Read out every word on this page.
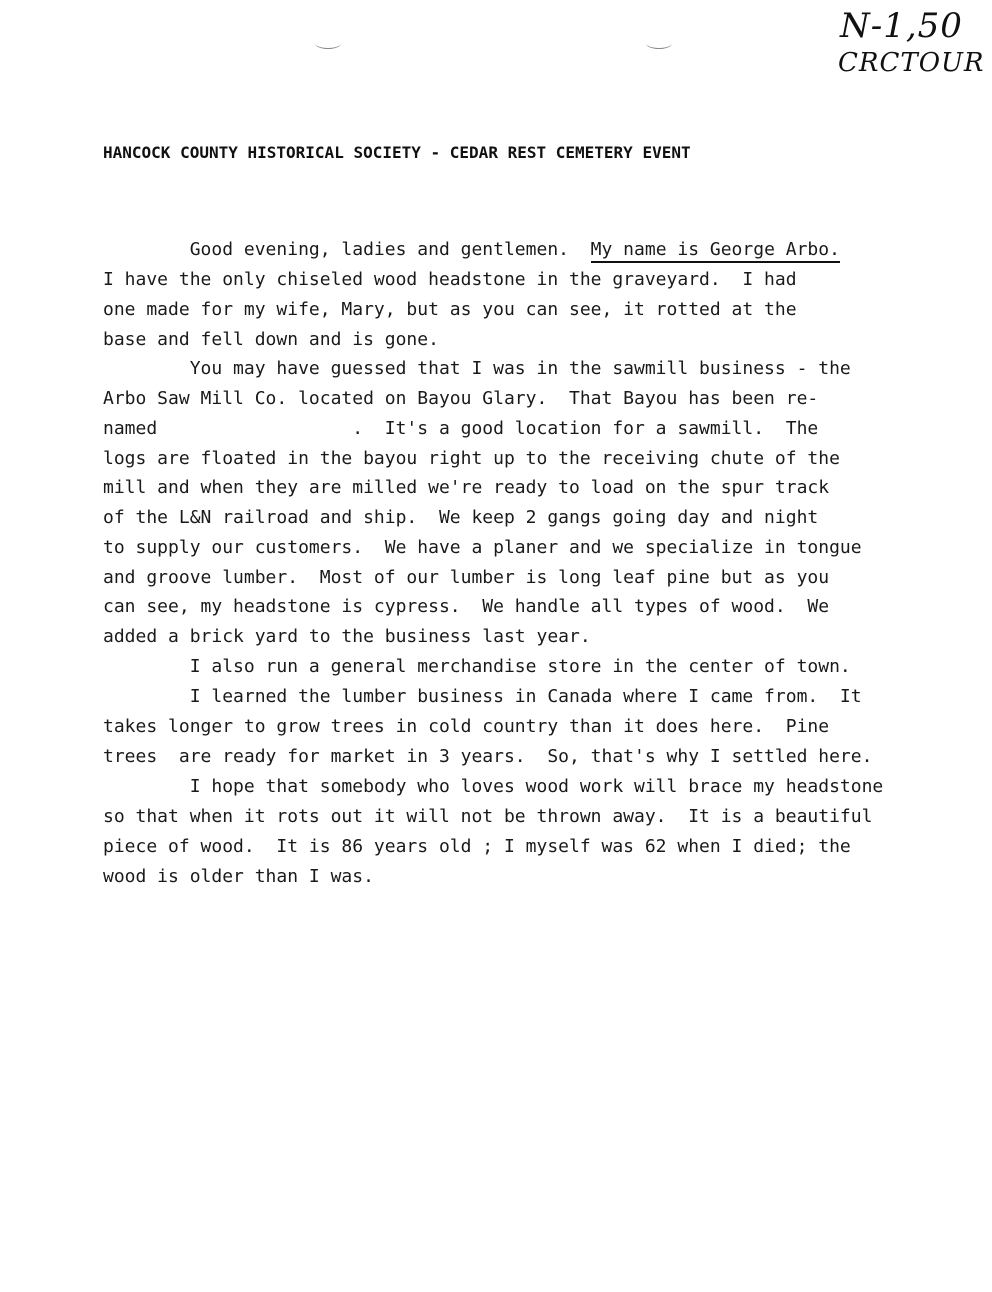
N-1,50
CRCTOUR
HANCOCK COUNTY HISTORICAL SOCIETY - CEDAR REST CEMETERY EVENT
Good evening, ladies and gentlemen.  My name is George Arbo.
I have the only chiseled wood headstone in the graveyard.  I had
one made for my wife, Mary, but as you can see, it rotted at the
base and fell down and is gone.
You may have guessed that I was in the sawmill business - the
Arbo Saw Mill Co. located on Bayou Glary.  That Bayou has been re-
named                  .  It's a good location for a sawmill.  The
logs are floated in the bayou right up to the receiving chute of the
mill and when they are milled we're ready to load on the spur track
of the L&N railroad and ship.  We keep 2 gangs going day and night
to supply our customers.  We have a planer and we specialize in tongue
and groove lumber.  Most of our lumber is long leaf pine but as you
can see, my headstone is cypress.  We handle all types of wood.  We
added a brick yard to the business last year.
I also run a general merchandise store in the center of town.
I learned the lumber business in Canada where I came from.  It
takes longer to grow trees in cold country than it does here.  Pine
trees  are ready for market in 3 years.  So, that's why I settled here.
I hope that somebody who loves wood work will brace my headstone
so that when it rots out it will not be thrown away.  It is a beautiful
piece of wood.  It is 86 years old ; I myself was 62 when I died; the
wood is older than I was.
